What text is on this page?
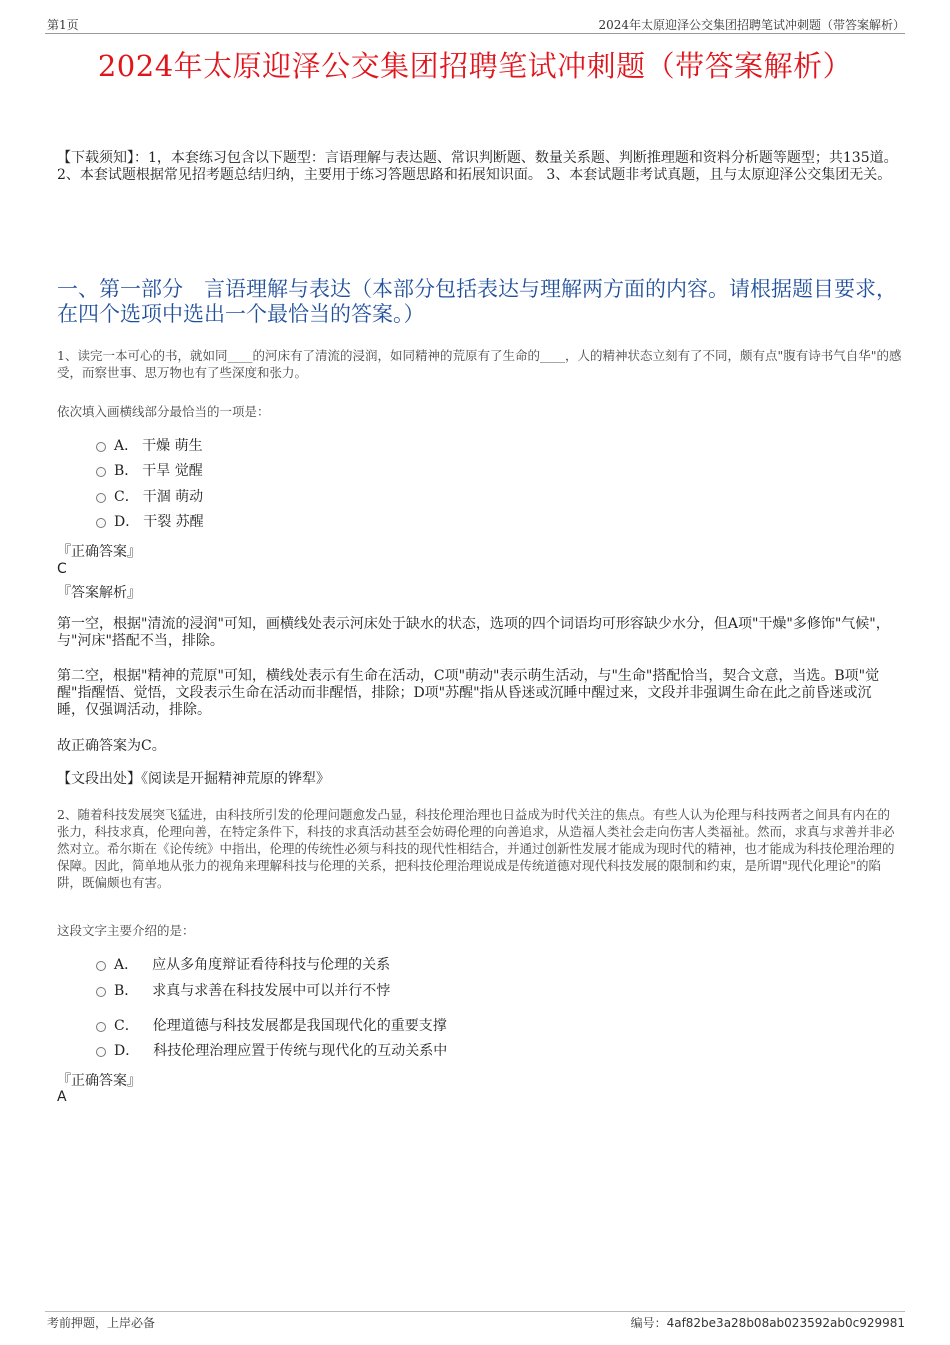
第1页	2024年太原迎泽公交集团招聘笔试冲刺题（带答案解析）
2024年太原迎泽公交集团招聘笔试冲刺题（带答案解析）
【下载须知】：1，本套练习包含以下题型：言语理解与表达题、常识判断题、数量关系题、判断推理题和资料分析题等题型；共135道。 2、本套试题根据常见招考题总结归纳，主要用于练习答题思路和拓展知识面。 3、本套试题非考试真题，且与太原迎泽公交集团无关。
一、第一部分　言语理解与表达（本部分包括表达与理解两方面的内容。请根据题目要求，在四个选项中选出一个最恰当的答案。）
1、读完一本可心的书，就如同____的河床有了清流的浸润，如同精神的荒原有了生命的____，人的精神状态立刻有了不同，颇有点"腹有诗书气自华"的感受，而察世事、思万物也有了些深度和张力。
依次填入画横线部分最恰当的一项是：
A． 干燥 萌生
B． 干旱 觉醒
C． 干涸 萌动
D． 干裂 苏醒
『正确答案』
C
『答案解析』
第一空，根据"清流的浸润"可知，画横线处表示河床处于缺水的状态，选项的四个词语均可形容缺少水分，但A项"干燥"多修饰"气候"，与"河床"搭配不当，排除。
第二空，根据"精神的荒原"可知，横线处表示有生命在活动，C项"萌动"表示萌生活动，与"生命"搭配恰当，契合文意，当选。B项"觉醒"指醒悟、觉悟，文段表示生命在活动而非醒悟，排除；D项"苏醒"指从昏迷或沉睡中醒过来，文段并非强调生命在此之前昏迷或沉睡，仅强调活动，排除。
故正确答案为C。
【文段出处】《阅读是开掘精神荒原的铧犁》
2、随着科技发展突飞猛进，由科技所引发的伦理问题愈发凸显，科技伦理治理也日益成为时代关注的焦点。有些人认为伦理与科技两者之间具有内在的张力，科技求真，伦理向善，在特定条件下，科技的求真活动甚至会妨碍伦理的向善追求，从造福人类社会走向伤害人类福祉。然而，求真与求善并非必然对立。希尔斯在《论传统》中指出，伦理的传统性必须与科技的现代性相结合，并通过创新性发展才能成为现时代的精神，也才能成为科技伦理治理的保障。因此，简单地从张力的视角来理解科技与伦理的关系，把科技伦理治理说成是传统道德对现代科技发展的限制和约束，是所谓"现代化理论"的陷阱，既偏颇也有害。
这段文字主要介绍的是：
A． 应从多角度辩证看待科技与伦理的关系
B． 求真与求善在科技发展中可以并行不悖
C． 伦理道德与科技发展都是我国现代化的重要支撑
D． 科技伦理治理应置于传统与现代化的互动关系中
『正确答案』
A
考前押题，上岸必备	编号：4af82be3a28b08ab023592ab0c929981
